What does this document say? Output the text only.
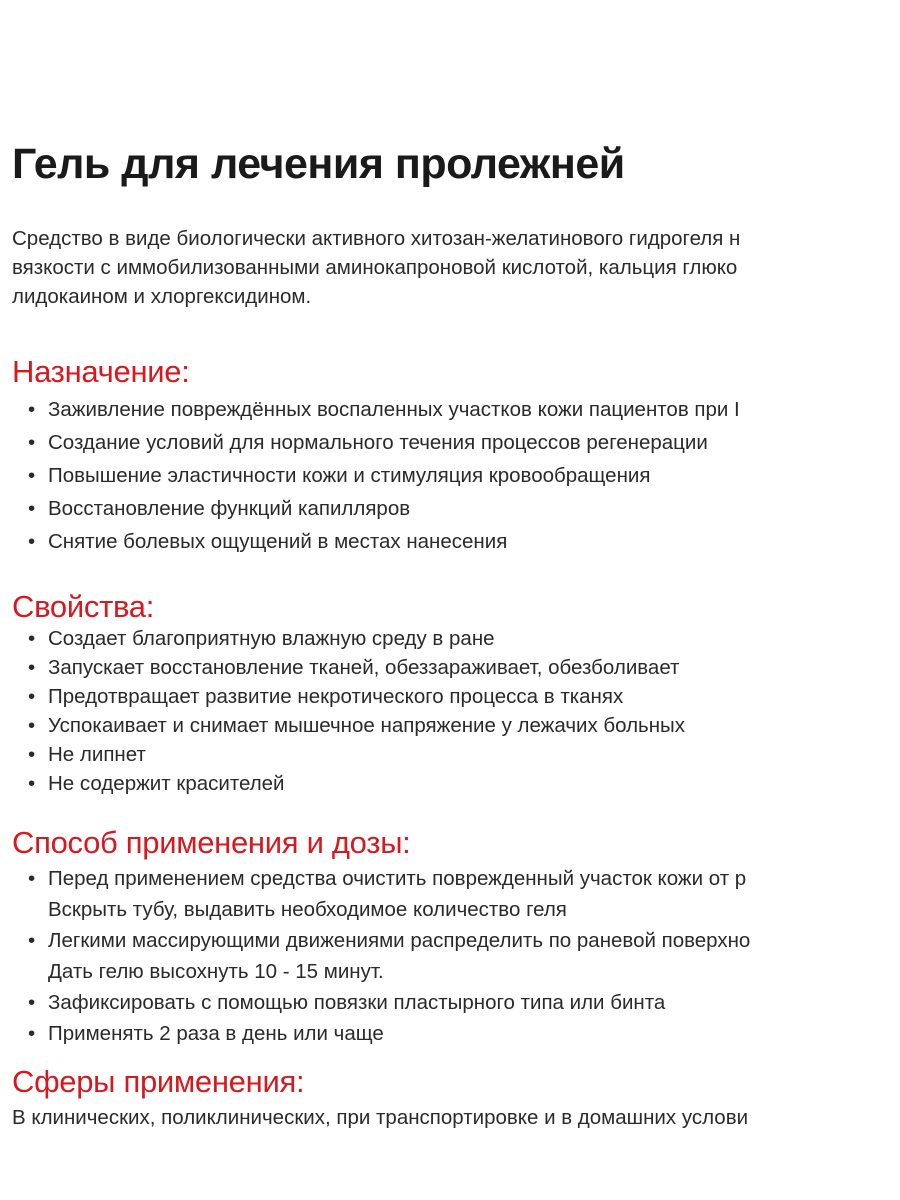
Гель для лечения пролежней

Средство в виде биологически активного хитозан-желатинового гидрогеля н
вязкости с иммобилизованными аминокапроновой кислотой, кальция глюко
лидокаином и хлоргексидином.

Назначение:
• Заживление повреждённых воспаленных участков кожи пациентов при I
• Создание условий для нормального течения процессов регенерации
• Повышение эластичности кожи и стимуляция кровообращения
• Восстановление функций капилляров
• Снятие болевых ощущений в местах нанесения
Свойства:
• Создает благоприятную влажную среду в ране
• Запускает восстановление тканей, обеззараживает, обезболивает
• Предотвращает развитие некротического процесса в тканях
• Успокаивает и снимает мышечное напряжение у лежачих больных
• Не липнет
• Не содержит красителей
Способ применения и дозы:
• Перед применением средства очистить поврежденный участок кожи от р
Вскрыть тубу, выдавить необходимое количество геля
• Легкими массирующими движениями распределить по раневой поверхно
Дать гелю высохнуть 10 - 15 минут.
• Зафиксировать с помощью повязки пластырного типа или бинта
• Применять 2 раза в день или чаще
Сферы применения:

В клинических, поликлинических, при транспортировке и в домашних услови
